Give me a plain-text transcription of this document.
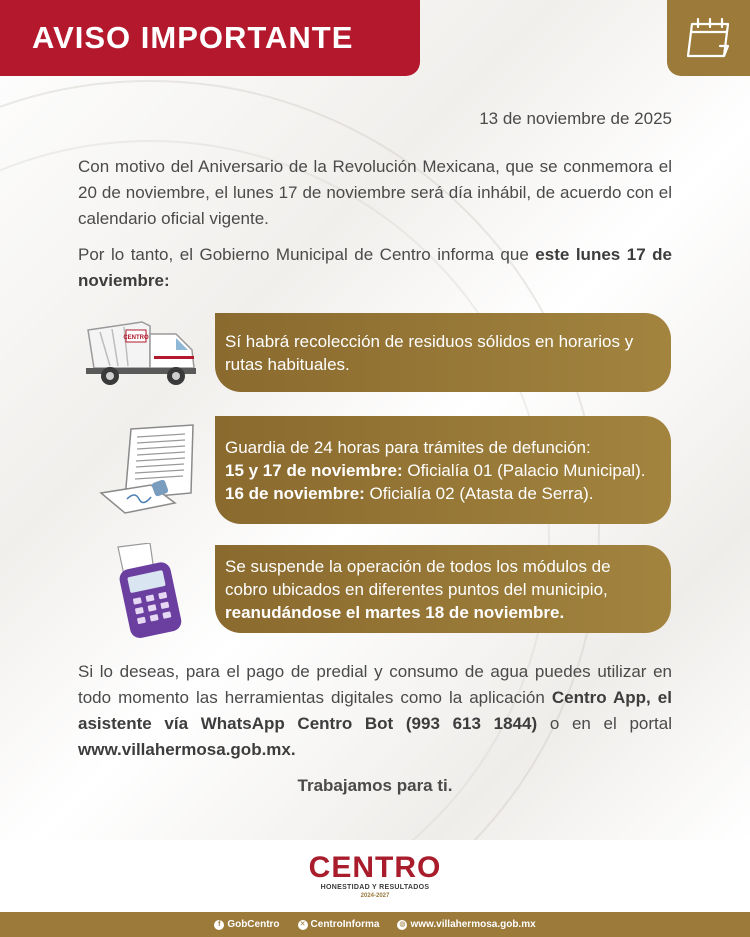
AVISO IMPORTANTE
13 de noviembre de 2025

Con motivo del Aniversario de la Revolución Mexicana, que se conmemora el 20 de noviembre, el lunes 17 de noviembre será día inhábil, de acuerdo con el calendario oficial vigente.

Por lo tanto, el Gobierno Municipal de Centro informa que este lunes 17 de noviembre:

Sí habrá recolección de residuos sólidos en horarios y rutas habituales.
CENTRO
Guardia de 24 horas para trámites de defunción:
15 y 17 de noviembre: Oficialía 01 (Palacio Municipal).
16 de noviembre: Oficialía 02 (Atasta de Serra).
Se suspende la operación de todos los módulos de cobro ubicados en diferentes puntos del municipio, reanudándose el martes 18 de noviembre.

Si lo deseas, para el pago de predial y consumo de agua puedes utilizar en todo momento las herramientas digitales como la aplicación Centro App, el asistente vía WhatsApp Centro Bot (993 613 1844) o en el portal www.villahermosa.gob.mx.

Trabajamos para ti.
CENTRO
HONESTIDAD Y RESULTADOS
2024-2027
f GobCentro	✕ CentroInforma	◍ www.villahermosa.gob.mx
